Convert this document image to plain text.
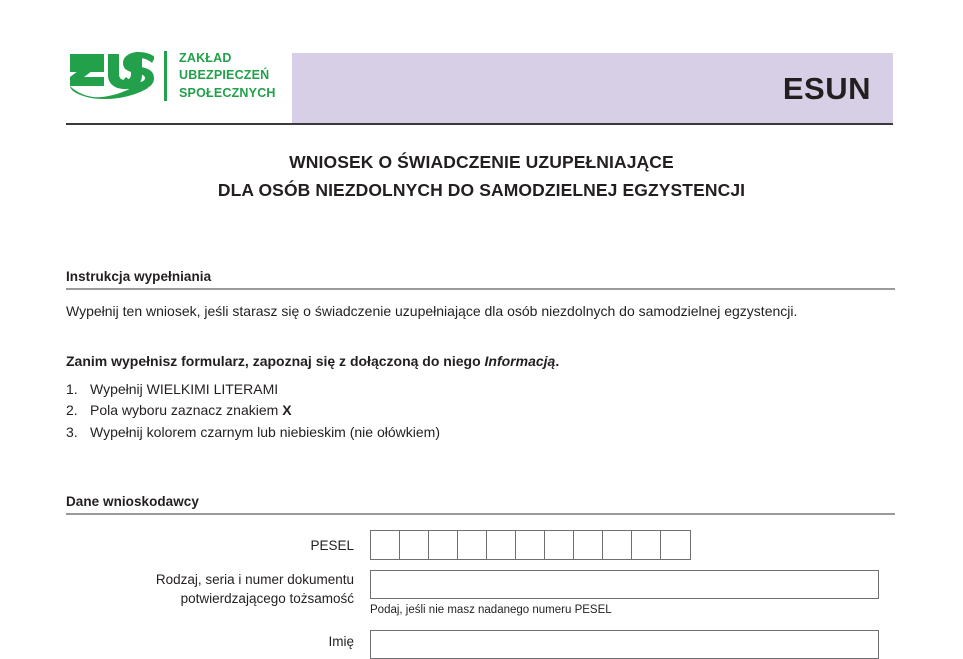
ESUN
ZAKŁAD
UBEZPIECZEŃ
SPOŁECZNYCH
WNIOSEK O ŚWIADCZENIE UZUPEŁNIAJĄCE
DLA OSÓB NIEZDOLNYCH DO SAMODZIELNEJ EGZYSTENCJI
Instrukcja wypełniania
Wypełnij ten wniosek, jeśli starasz się o świadczenie uzupełniające dla osób niezdolnych do samodzielnej egzystencji.
Zanim wypełnisz formularz, zapoznaj się z dołączoną do niego Informacją.
1. Wypełnij WIELKIMI LITERAMI
2. Pola wyboru zaznacz znakiem X
3. Wypełnij kolorem czarnym lub niebieskim (nie ołówkiem)
Dane wnioskodawcy
PESEL
Rodzaj, seria i numer dokumentu
potwierdzającego tożsamość
Podaj, jeśli nie masz nadanego numeru PESEL
Imię
